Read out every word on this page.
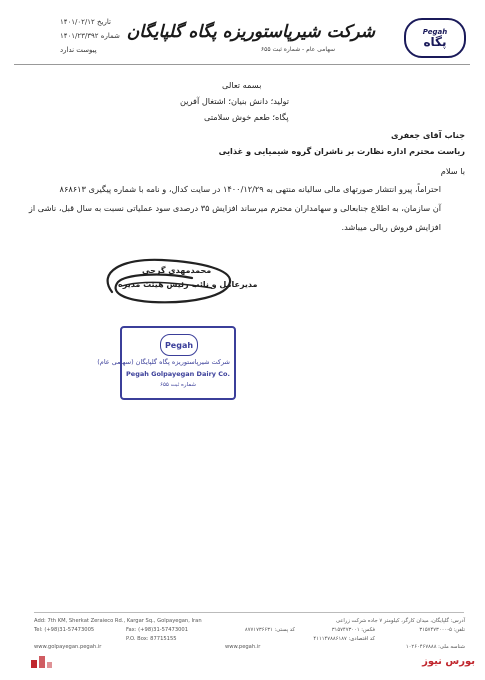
Pegah
پگاه
شرکت شیرپاستوریزه پگاه گلپایگان
سهامی عام - شماره ثبت ۶۵۵
تاریخ ۱۴۰۱/۰۲/۱۲
شماره ۱۴۰۱/۲۳/۳۹۲
پیوست ندارد
بسمه تعالی
تولید؛ دانش بنیان؛ اشتغال آفرین
پگاه؛ طعم خوش سلامتی
جناب آقای جعفری
ریاست محترم اداره نظارت بر ناشران گروه شیمیایی و غذایی
با سلام
احتراماً، پیرو انتشار صورتهای مالی سالیانه منتهی به ۱۴۰۰/۱۲/۲۹ در سایت کدال، و نامه با شماره پیگیری ۸۶۸۶۱۳
آن سازمان، به اطلاع جنابعالی و سهامداران محترم میرساند افزایش ۳۵ درصدی سود عملیاتی نسبت به سال قبل، ناشی از
افزایش فروش ریالی میباشد.
محمدمهدی گرجی
مدیرعامل و نائب رئیس هیئت مدیره
Pegah
شرکت شیرپاستوریزه پگاه گلپایگان (سهامی عام)
Pegah Golpayegan Dairy Co.
شماره ثبت ۶۵۵
Add: 7th KM, Sherkat Zeraieco Rd., Kargar Sq., Golpayegan, Iran
Tel: (+98)31-57473005	Fax: (+98)31-57473001
P.O. Box: 87715155
www.golpayegan.pegah.ir	www.pegah.ir
آدرس: گلپایگان، میدان کارگر، کیلومتر ۷ جاده شرکت زراعی
تلفن: ۵-۳۱۵۷۴۷۳۰۰۰
فکس: ۳۱۵۷۴۷۳۰۰۱
کد پستی: ۸۷۷۱۷۳۶۶۳۱
کد اقتصادی: ۴۱۱۱۴۷۸۸۶۱۸۷
شناسه ملی: ۱۰۲۶۰۴۶۷۸۸۸
بورس نیوز
